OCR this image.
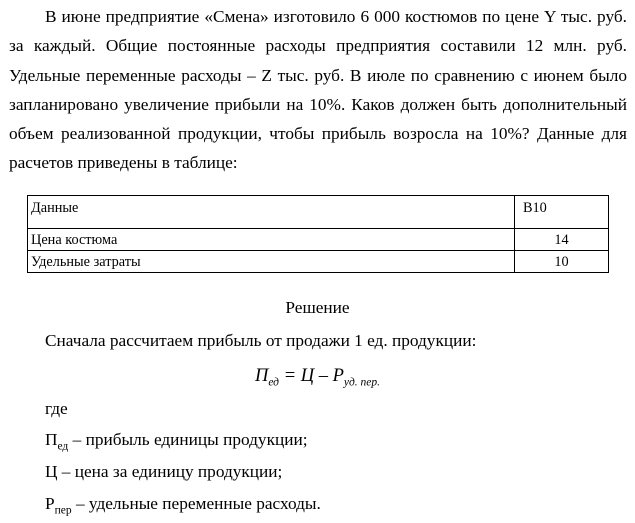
В июне предприятие «Смена» изготовило 6 000 костюмов по цене Y тыс. руб. за каждый. Общие постоянные расходы предприятия составили 12 млн. руб. Удельные переменные расходы – Z тыс. руб. В июле по сравнению с июнем было запланировано увеличение прибыли на 10%. Каков должен быть дополнительный объем реализованной продукции, чтобы прибыль возросла на 10%? Данные для расчетов приведены в таблице:

Данные	В10
Цена костюма	14
Удельные затраты	10

Решение

Сначала рассчитаем прибыль от продажи 1 ед. продукции:

$П_{ед} = Ц - Р_{уд. пер.}$

где

$П_{ед}$ – прибыль единицы продукции;

Ц – цена за единицу продукции;

$Р_{пер}$ – удельные переменные расходы.
